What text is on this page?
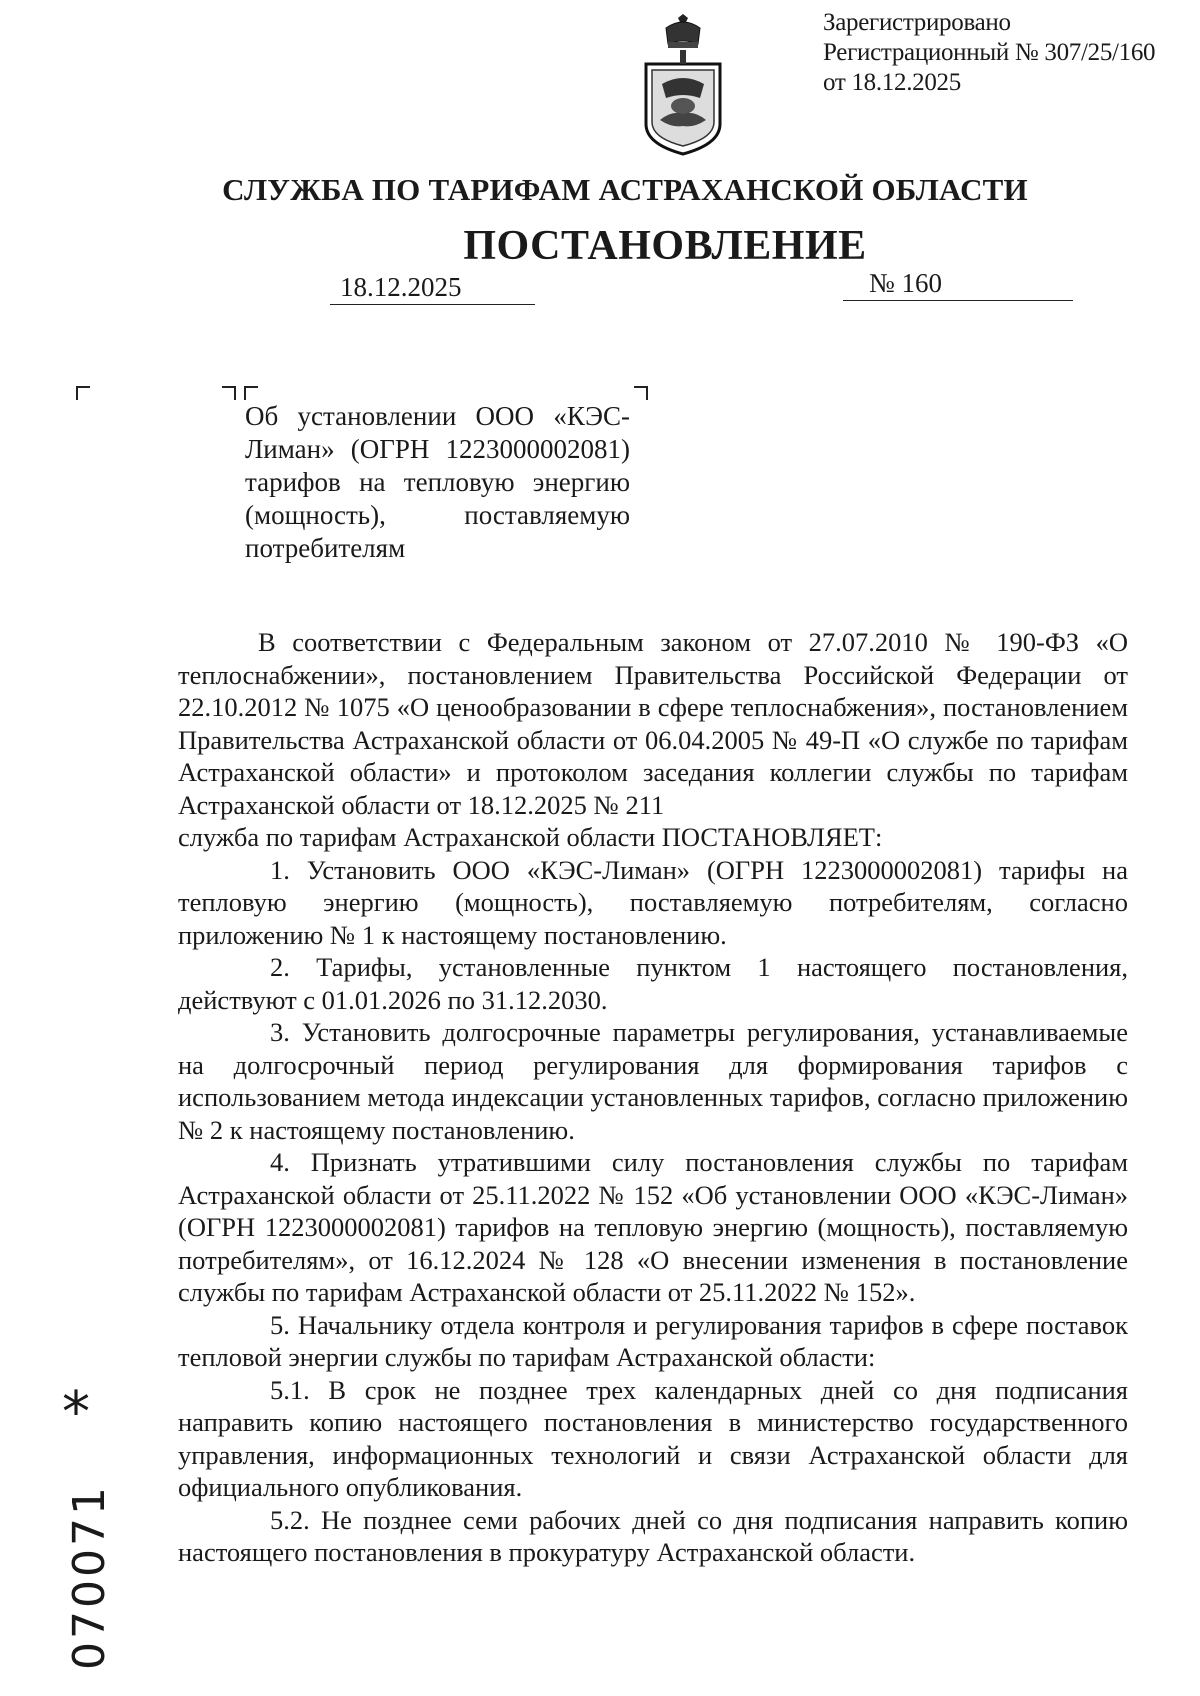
Зарегистрировано
Регистрационный № 307/25/160
от 18.12.2025
СЛУЖБА ПО ТАРИФАМ АСТРАХАНСКОЙ ОБЛАСТИ
ПОСТАНОВЛЕНИЕ
18.12.2025	№ 160
Об установлении ООО «КЭС-Лиман» (ОГРН 1223000002081) тарифов на тепловую энергию (мощность), поставляемую потребителям

В соответствии с Федеральным законом от 27.07.2010 № 190-ФЗ «О теплоснабжении», постановлением Правительства Российской Федерации от 22.10.2012 № 1075 «О ценообразовании в сфере теплоснабжения», постановлением Правительства Астраханской области от 06.04.2005 № 49-П «О службе по тарифам Астраханской области» и протоколом заседания коллегии службы по тарифам Астраханской области от 18.12.2025 № 211

служба по тарифам Астраханской области ПОСТАНОВЛЯЕТ:

1. Установить ООО «КЭС-Лиман» (ОГРН 1223000002081) тарифы на тепловую энергию (мощность), поставляемую потребителям, согласно приложению № 1 к настоящему постановлению.

2. Тарифы, установленные пунктом 1 настоящего постановления, действуют с 01.01.2026 по 31.12.2030.

3. Установить долгосрочные параметры регулирования, устанавливаемые на долгосрочный период регулирования для формирования тарифов с использованием метода индексации установленных тарифов, согласно приложению № 2 к настоящему постановлению.

4. Признать утратившими силу постановления службы по тарифам Астраханской области от 25.11.2022 № 152 «Об установлении ООО «КЭС-Лиман» (ОГРН 1223000002081) тарифов на тепловую энергию (мощность), поставляемую потребителям», от 16.12.2024 № 128 «О внесении изменения в постановление службы по тарифам Астраханской области от 25.11.2022 № 152».

5. Начальнику отдела контроля и регулирования тарифов в сфере поставок тепловой энергии службы по тарифам Астраханской области:

5.1. В срок не позднее трех календарных дней со дня подписания направить копию настоящего постановления в министерство государственного управления, информационных технологий и связи Астраханской области для официального опубликования.

5.2. Не позднее семи рабочих дней со дня подписания направить копию настоящего постановления в прокуратуру Астраханской области.

*
070071
